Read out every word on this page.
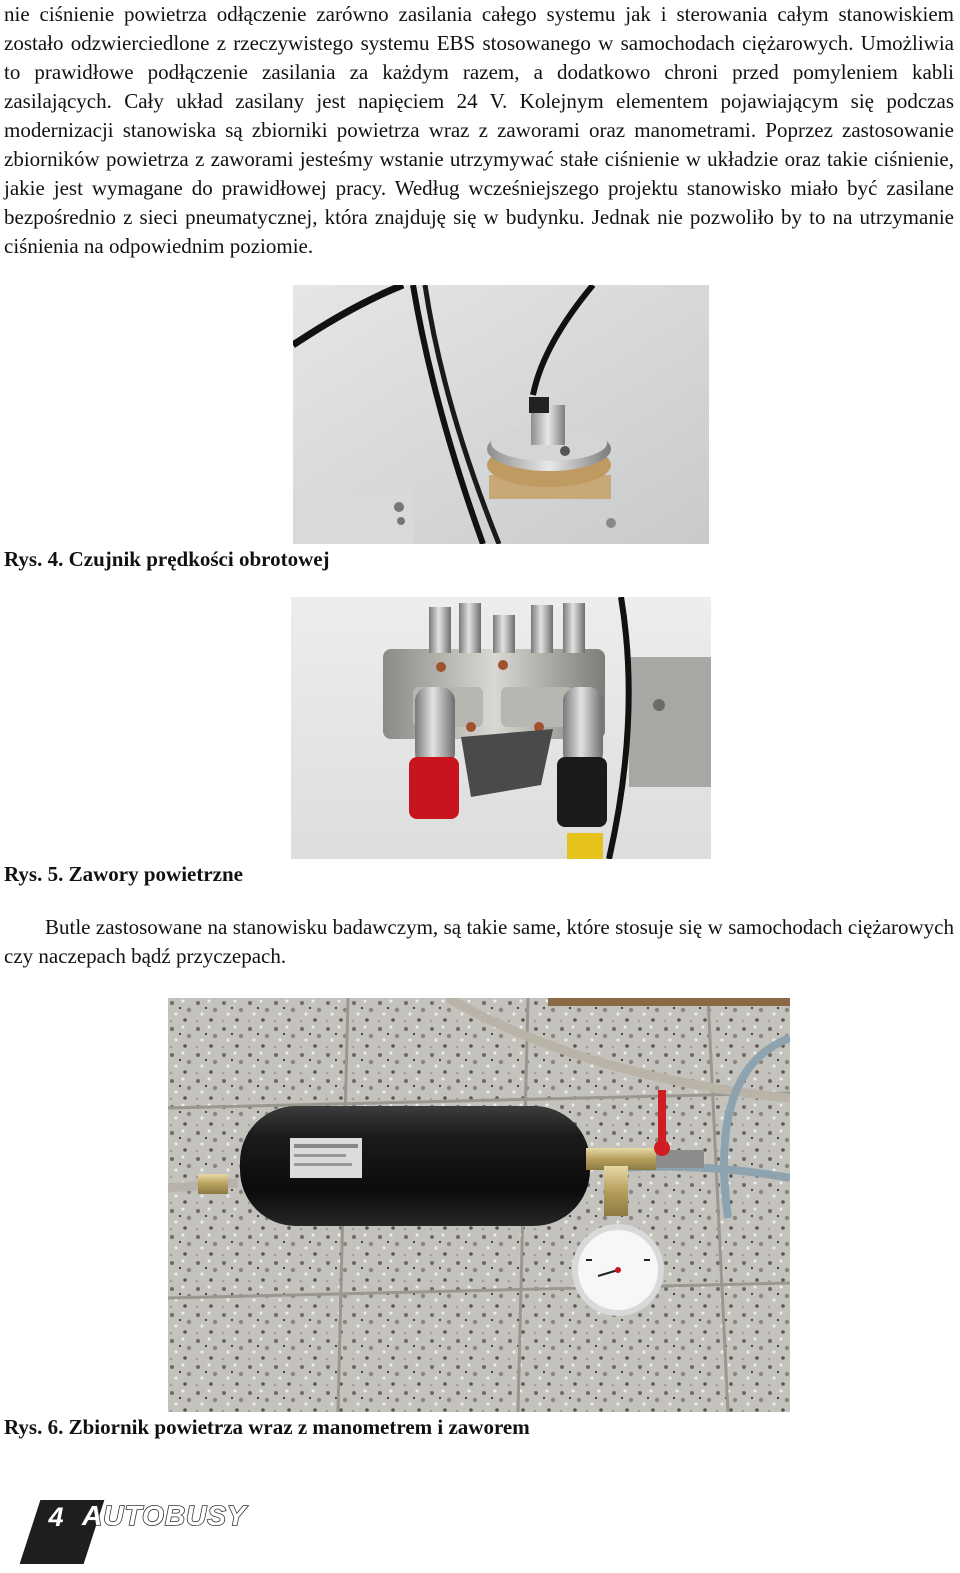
nie ciśnienie powietrza odłączenie zarówno zasilania całego systemu jak i sterowania całym stanowiskiem zostało odzwierciedlone z rzeczywistego systemu EBS stosowanego w samochodach ciężarowych. Umożliwia to prawidłowe podłączenie zasilania za każdym razem, a dodatkowo chroni przed pomyleniem kabli zasilających. Cały układ zasilany jest napięciem 24 V. Kolejnym elementem pojawiającym się podczas modernizacji stanowiska są zbiorniki powietrza wraz z zaworami oraz manometrami. Poprzez zastosowanie zbiorników powietrza z zaworami jesteśmy wstanie utrzymywać stałe ciśnienie w układzie oraz takie ciśnienie, jakie jest wymagane do prawidłowej pracy. Według wcześniejszego projektu stanowisko miało być zasilane bezpośrednio z sieci pneumatycznej, która znajduję się w budynku. Jednak nie pozwoliło by to na utrzymanie ciśnienia na odpowiednim poziomie.

Rys. 4. Czujnik prędkości obrotowej

Rys. 5. Zawory powietrzne

Butle zastosowane na stanowisku badawczym, są takie same, które stosuje się w samochodach ciężarowych czy naczepach bądź przyczepach.

Rys. 6. Zbiornik powietrza wraz z manometrem i zaworem

4 AUTOBUSY
